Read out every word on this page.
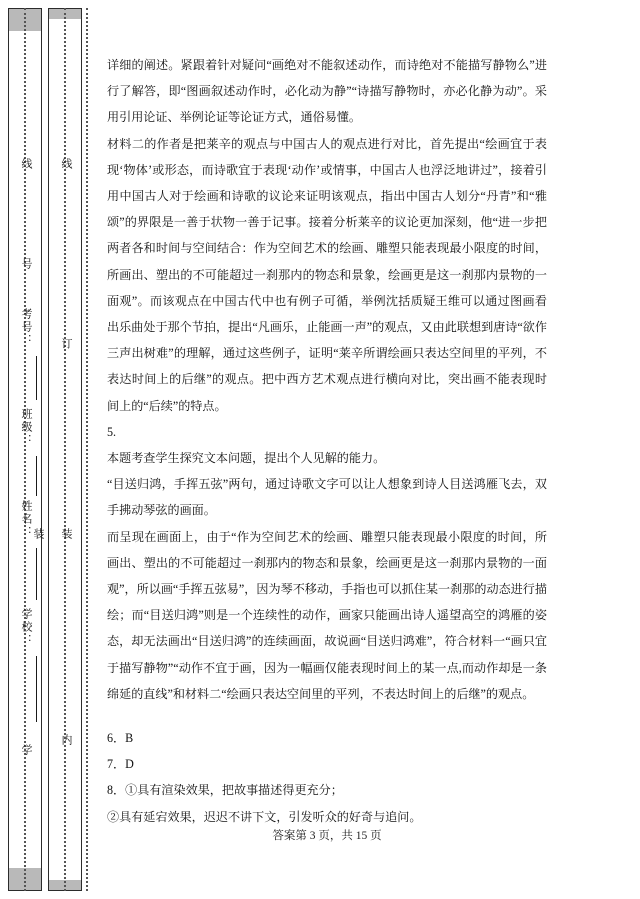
学校：
姓名：
班级：
考号：
号
学
线
内
装
订
线
装

详细的阐述。紧跟着针对疑问“画绝对不能叙述动作，而诗绝对不能描写静物么”进行了解答，即“图画叙述动作时，必化动为静”“诗描写静物时，亦必化静为动”。采用引用论证、举例论证等论证方式，通俗易懂。

材料二的作者是把莱辛的观点与中国古人的观点进行对比，首先提出“绘画宜于表现‘物体’或形态，而诗歌宜于表现‘动作’或情事，中国古人也浮泛地讲过”，接着引用中国古人对于绘画和诗歌的议论来证明该观点，指出中国古人划分“丹青”和“雅颂”的界限是一善于状物一善于记事。接着分析莱辛的议论更加深刻，他“进一步把两者各和时间与空间结合：作为空间艺术的绘画、雕塑只能表现最小限度的时间，所画出、塑出的不可能超过一刹那内的物态和景象，绘画更是这一刹那内景物的一面观”。而该观点在中国古代中也有例子可循，举例沈括质疑王维可以通过图画看出乐曲处于那个节拍，提出“凡画乐，止能画一声”的观点，又由此联想到唐诗“欲作三声出树难”的理解，通过这些例子，证明“莱辛所谓绘画只表达空间里的平列，不表达时间上的后继”的观点。把中西方艺术观点进行横向对比，突出画不能表现时间上的“后续”的特点。

5.

本题考查学生探究文本问题，提出个人见解的能力。

“目送归鸿，手挥五弦”两句，通过诗歌文字可以让人想象到诗人目送鸿雁飞去，双手拂动琴弦的画面。

而呈现在画面上，由于“作为空间艺术的绘画、雕塑只能表现最小限度的时间，所画出、塑出的不可能超过一刹那内的物态和景象，绘画更是这一刹那内景物的一面观”，所以画“手挥五弦易”，因为琴不移动，手指也可以抓住某一刹那的动态进行描绘；而“目送归鸿”则是一个连续性的动作，画家只能画出诗人遥望高空的鸿雁的姿态，却无法画出“目送归鸿”的连续画面，故说画“目送归鸿难”，符合材料一“画只宜于描写静物”“动作不宜于画，因为一幅画仅能表现时间上的某一点,而动作却是一条绵延的直线”和材料二“绘画只表达空间里的平列，不表达时间上的后继”的观点。

6．B

7．D

8．①具有渲染效果，把故事描述得更充分；

②具有延宕效果，迟迟不讲下文，引发听众的好奇与追问。

答案第 3 页，共 15 页
